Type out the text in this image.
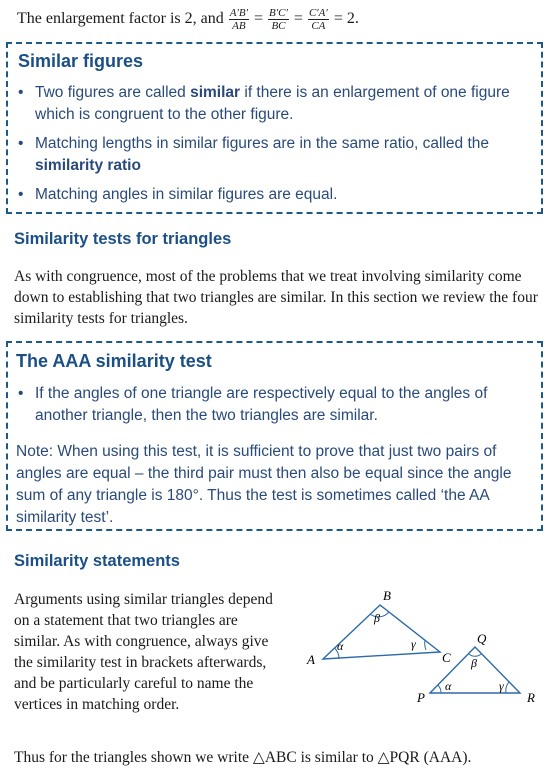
The enlargement factor is 2, and $\frac{A'B'}{AB} = \frac{B'C'}{BC} = \frac{C'A'}{CA} = 2$.
Similar figures
• Two figures are called similar if there is an enlargement of one figure which is congruent to the other figure.
• Matching lengths in similar figures are in the same ratio, called the similarity ratio
• Matching angles in similar figures are equal.
Similarity tests for triangles
As with congruence, most of the problems that we treat involving similarity come down to establishing that two triangles are similar. In this section we review the four similarity tests for triangles.
The AAA similarity test
• If the angles of one triangle are respectively equal to the angles of another triangle, then the two triangles are similar.
Note: When using this test, it is sufficient to prove that just two pairs of angles are equal – the third pair must then also be equal since the angle sum of any triangle is 180°. Thus the test is sometimes called ‘the AA similarity test’.
Similarity statements
Arguments using similar triangles depend on a statement that two triangles are similar. As with congruence, always give the similarity test in brackets afterwards, and be particularly careful to name the vertices in matching order.
A
B
C
α
β
γ
P
Q
R
α
β
γ
Thus for the triangles shown we write △ABC is similar to △PQR (AAA).
